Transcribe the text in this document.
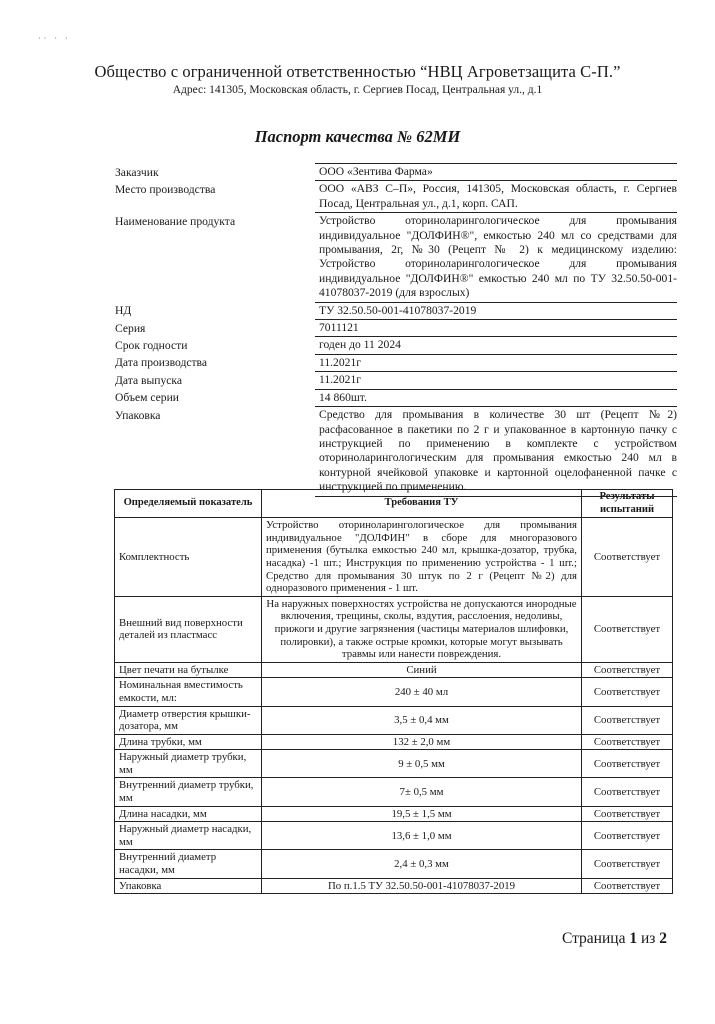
·· · ·
Общество с ограниченной ответственностью “НВЦ Агроветзащита С-П.”
Адрес: 141305, Московская область, г. Сергиев Посад, Центральная ул., д.1
Паспорт качества № 62МИ
Заказчик	ООО «Зентива Фарма»
Место производства	ООО «АВЗ С–П», Россия, 141305, Московская область, г. Сергиев Посад, Центральная ул., д.1, корп. САП.
Наименование продукта	Устройство оториноларингологическое для промывания индивидуальное "ДОЛФИН®", емкостью 240 мл со средствами для промывания, 2г, №30 (Рецепт № 2) к медицинскому изделию: Устройство оториноларингологическое для промывания индивидуальное "ДОЛФИН®" емкостью 240 мл по ТУ 32.50.50-001-41078037-2019 (для взрослых)
НД	ТУ 32.50.50-001-41078037-2019
Серия	7011121
Срок годности	годен до 11 2024
Дата производства	11.2021г
Дата выпуска	11.2021г
Объем серии	14 860шт.
Упаковка	Средство для промывания в количестве 30 шт (Рецепт №2) расфасованное в пакетики по 2 г и упакованное в картонную пачку с инструкцией по применению в комплекте с устройством оториноларингологическим для промывания емкостью 240 мл в контурной ячейковой упаковке и картонной оцелофаненной пачке с инструкцией по применению.
Определяемый показатель	Требования ТУ	Результаты испытаний
Комплектность	Устройство оториноларингологическое для промывания индивидуальное "ДОЛФИН" в сборе для многоразового применения (бутылка емкостью 240 мл, крышка-дозатор, трубка, насадка) -1 шт.; Инструкция по применению устройства - 1 шт.; Средство для промывания 30 штук по 2 г (Рецепт №2) для одноразового применения - 1 шт.	Соответствует
Внешний вид поверхности деталей из пластмасс	На наружных поверхностях устройства не допускаются инородные включения, трещины, сколы, вздутия, расслоения, недоливы, прижоги и другие загрязнения (частицы материалов шлифовки, полировки), а также острые кромки, которые могут вызывать травмы или нанести повреждения.	Соответствует
Цвет печати на бутылке	Синий	Соответствует
Номинальная вместимость емкости, мл:	240 ± 40 мл	Соответствует
Диаметр отверстия крышки-дозатора, мм	3,5 ± 0,4 мм	Соответствует
Длина трубки, мм	132 ± 2,0 мм	Соответствует
Наружный диаметр трубки, мм	9 ± 0,5 мм	Соответствует
Внутренний диаметр трубки, мм	7± 0,5 мм	Соответствует
Длина насадки, мм	19,5 ± 1,5 мм	Соответствует
Наружный диаметр насадки, мм	13,6 ± 1,0 мм	Соответствует
Внутренний диаметр насадки, мм	2,4 ± 0,3 мм	Соответствует
Упаковка	По п.1.5 ТУ 32.50.50-001-41078037-2019	Соответствует
Страница 1 из 2
